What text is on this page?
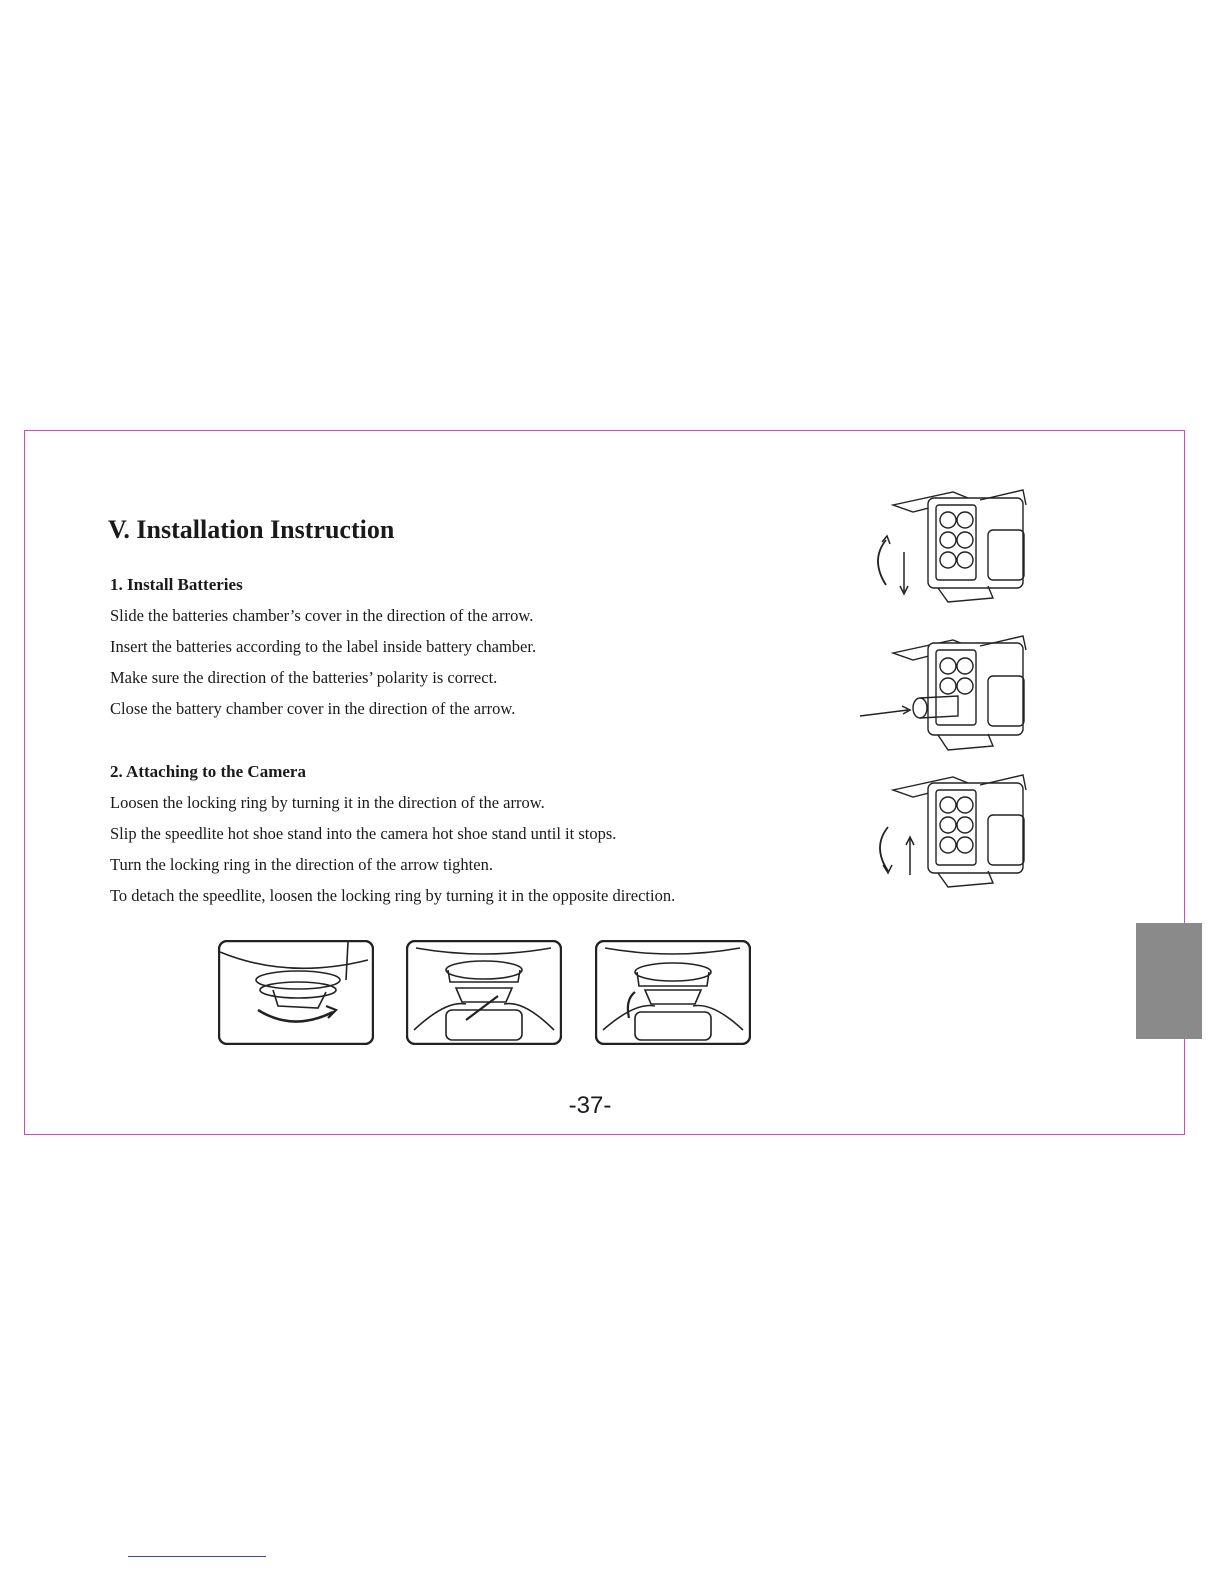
V. Installation Instruction
1. Install Batteries

Slide the batteries chamber’s cover in the direction of the arrow.

Insert the batteries according to the label inside battery chamber.

Make sure the direction of the batteries’ polarity is correct.

Close the battery chamber cover in the direction of the arrow.

2. Attaching to the Camera

Loosen the locking ring by turning it in the direction of the arrow.

Slip the speedlite hot shoe stand into the camera hot shoe stand until it stops.

Turn the locking ring in the direction of the arrow tighten.

To detach the speedlite, loosen the locking ring by turning it in the opposite direction.

-37-
